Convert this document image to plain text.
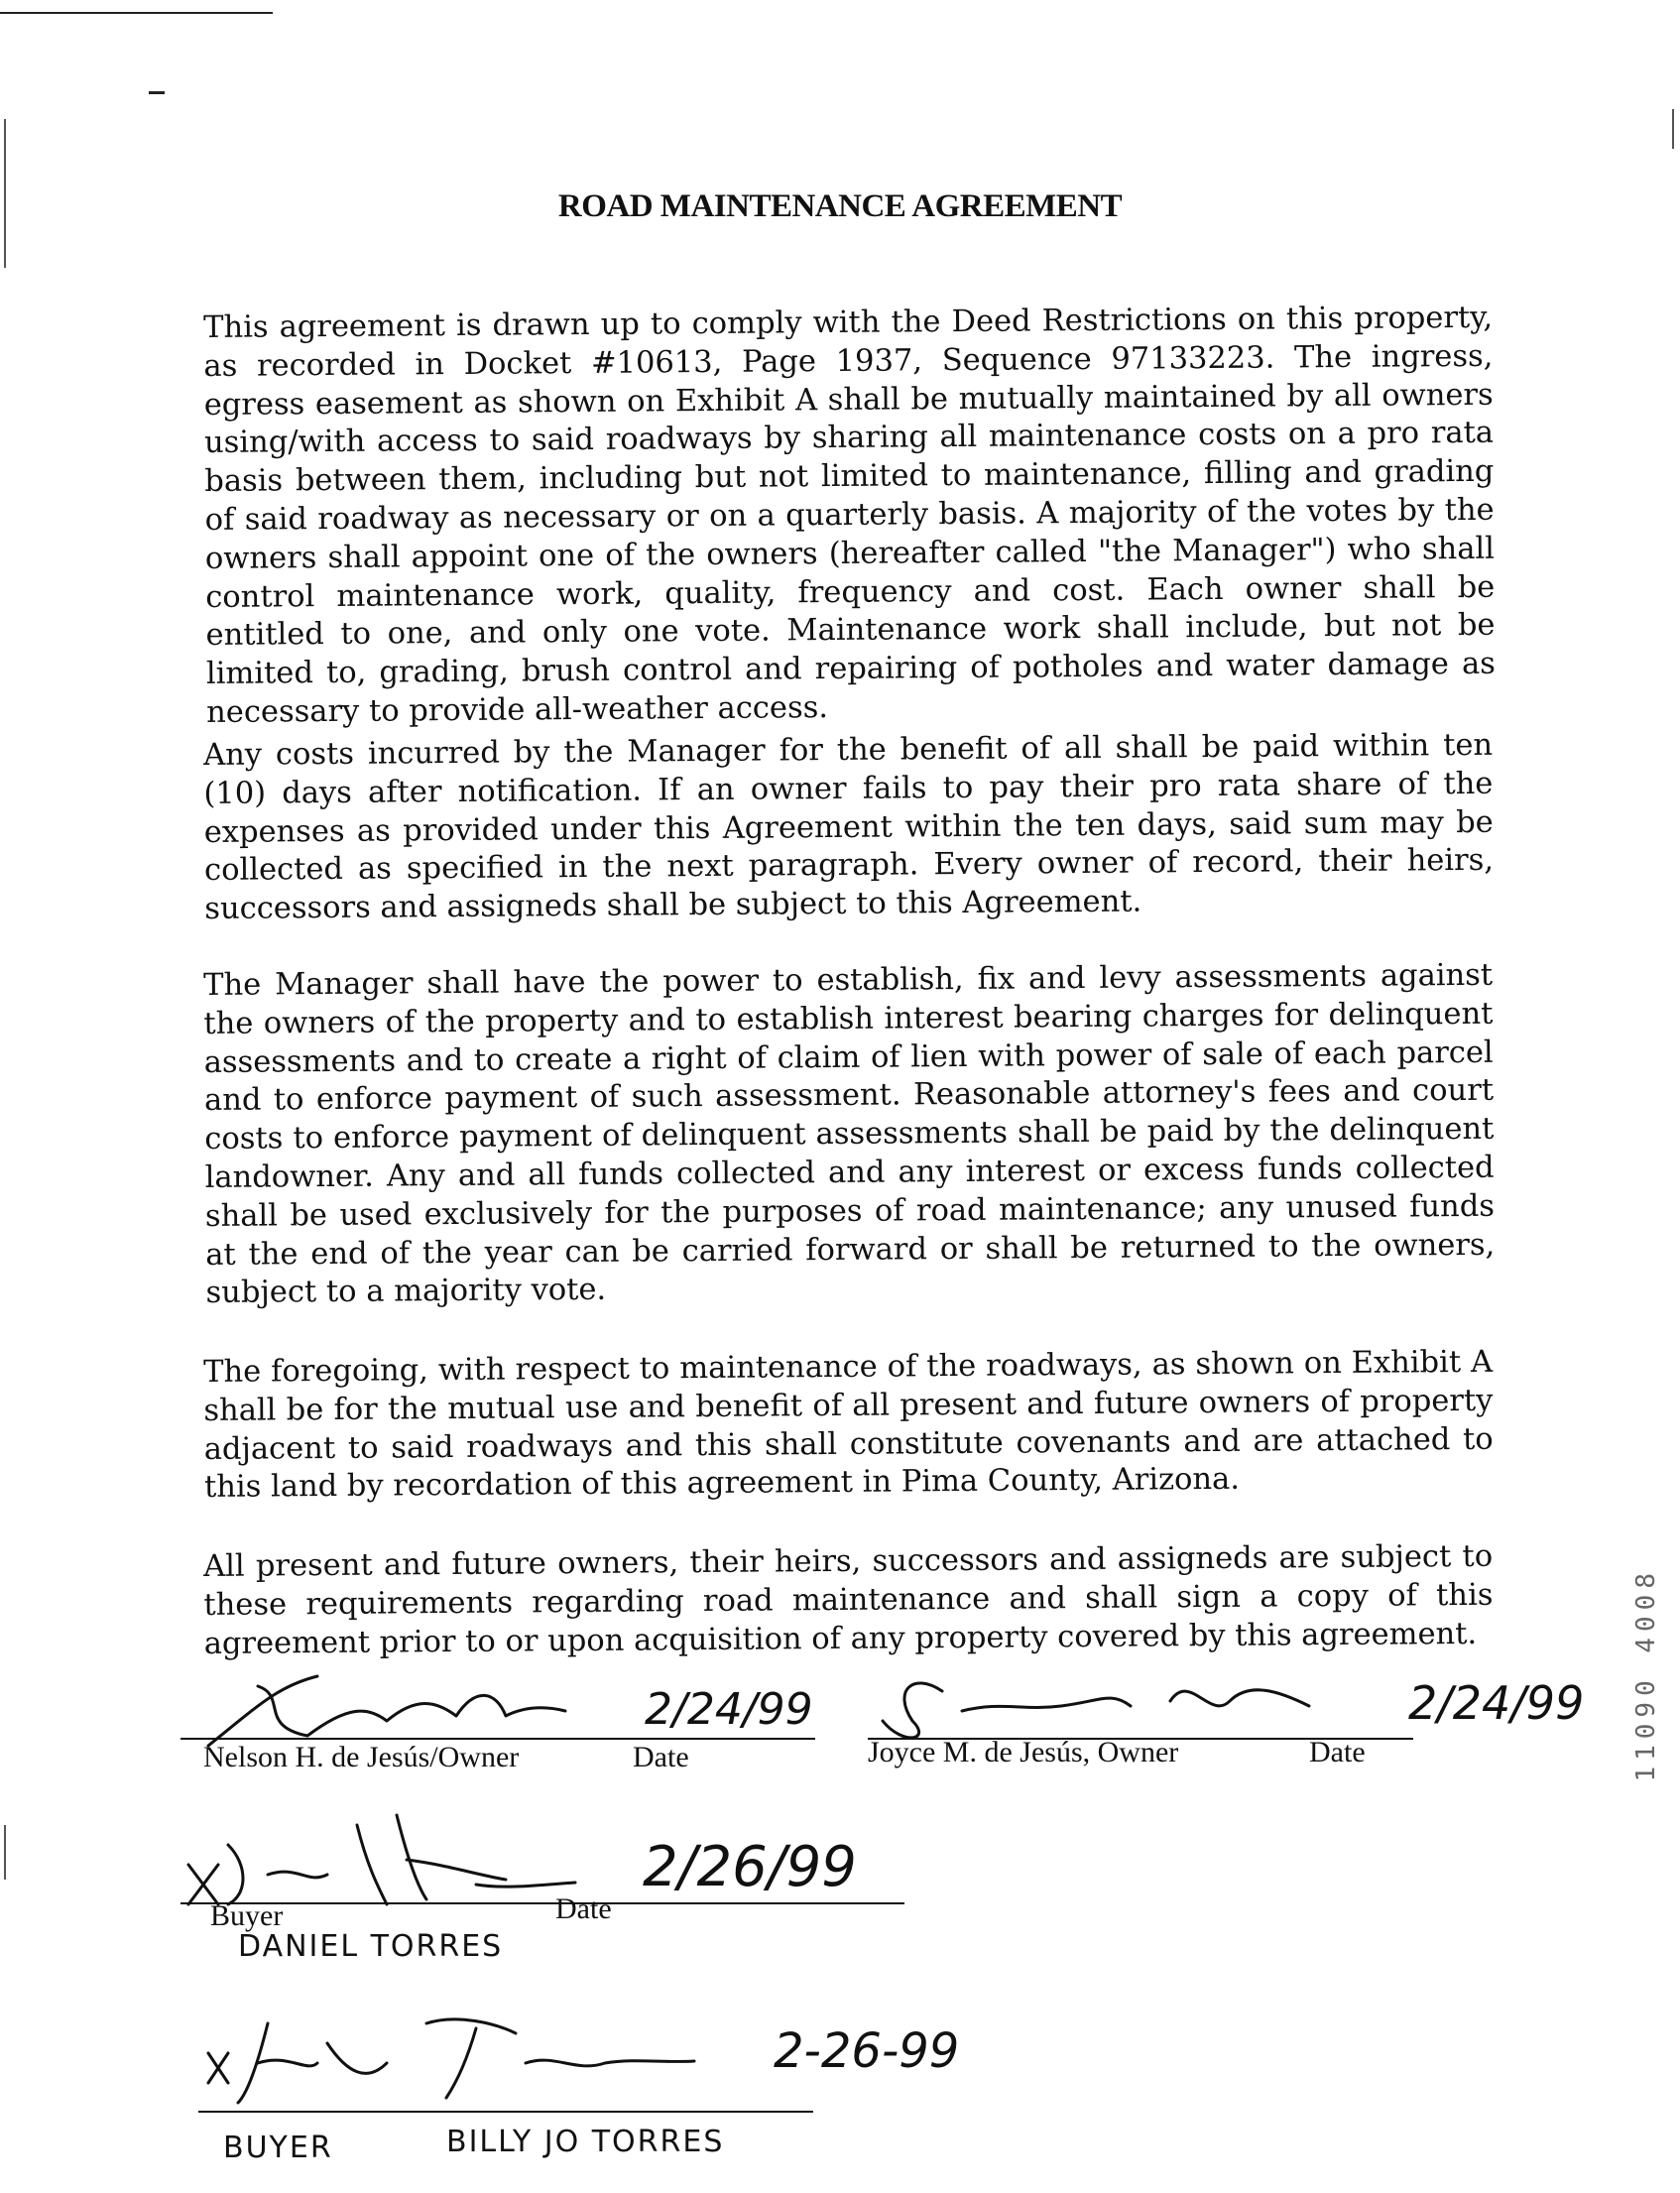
ROAD MAINTENANCE AGREEMENT
This agreement is drawn up to comply with the Deed Restrictions on this property, as recorded in Docket #10613, Page 1937, Sequence 97133223. The ingress, egress easement as shown on Exhibit A shall be mutually maintained by all owners using/with access to said roadways by sharing all maintenance costs on a pro rata basis between them, including but not limited to maintenance, filling and grading of said roadway as necessary or on a quarterly basis. A majority of the votes by the owners shall appoint one of the owners (hereafter called "the Manager") who shall control maintenance work, quality, frequency and cost. Each owner shall be entitled to one, and only one vote. Maintenance work shall include, but not be limited to, grading, brush control and repairing of potholes and water damage as necessary to provide all-weather access.
Any costs incurred by the Manager for the benefit of all shall be paid within ten (10) days after notification. If an owner fails to pay their pro rata share of the expenses as provided under this Agreement within the ten days, said sum may be collected as specified in the next paragraph. Every owner of record, their heirs, successors and assigneds shall be subject to this Agreement.
The Manager shall have the power to establish, fix and levy assessments against the owners of the property and to establish interest bearing charges for delinquent assessments and to create a right of claim of lien with power of sale of each parcel and to enforce payment of such assessment. Reasonable attorney's fees and court costs to enforce payment of delinquent assessments shall be paid by the delinquent landowner. Any and all funds collected and any interest or excess funds collected shall be used exclusively for the purposes of road maintenance; any unused funds at the end of the year can be carried forward or shall be returned to the owners, subject to a majority vote.
The foregoing, with respect to maintenance of the roadways, as shown on Exhibit A shall be for the mutual use and benefit of all present and future owners of property adjacent to said roadways and this shall constitute covenants and are attached to this land by recordation of this agreement in Pima County, Arizona.
All present and future owners, their heirs, successors and assigneds are subject to these requirements regarding road maintenance and shall sign a copy of this agreement prior to or upon acquisition of any property covered by this agreement.	11090 4008
2/24/99
Nelson H. de Jesús/Owner	Date
2/24/99
Joyce M. de Jesús, Owner	Date
2/26/99
Buyer	Date
DANIEL TORRES
2-26-99
BUYER	BILLY JO TORRES
